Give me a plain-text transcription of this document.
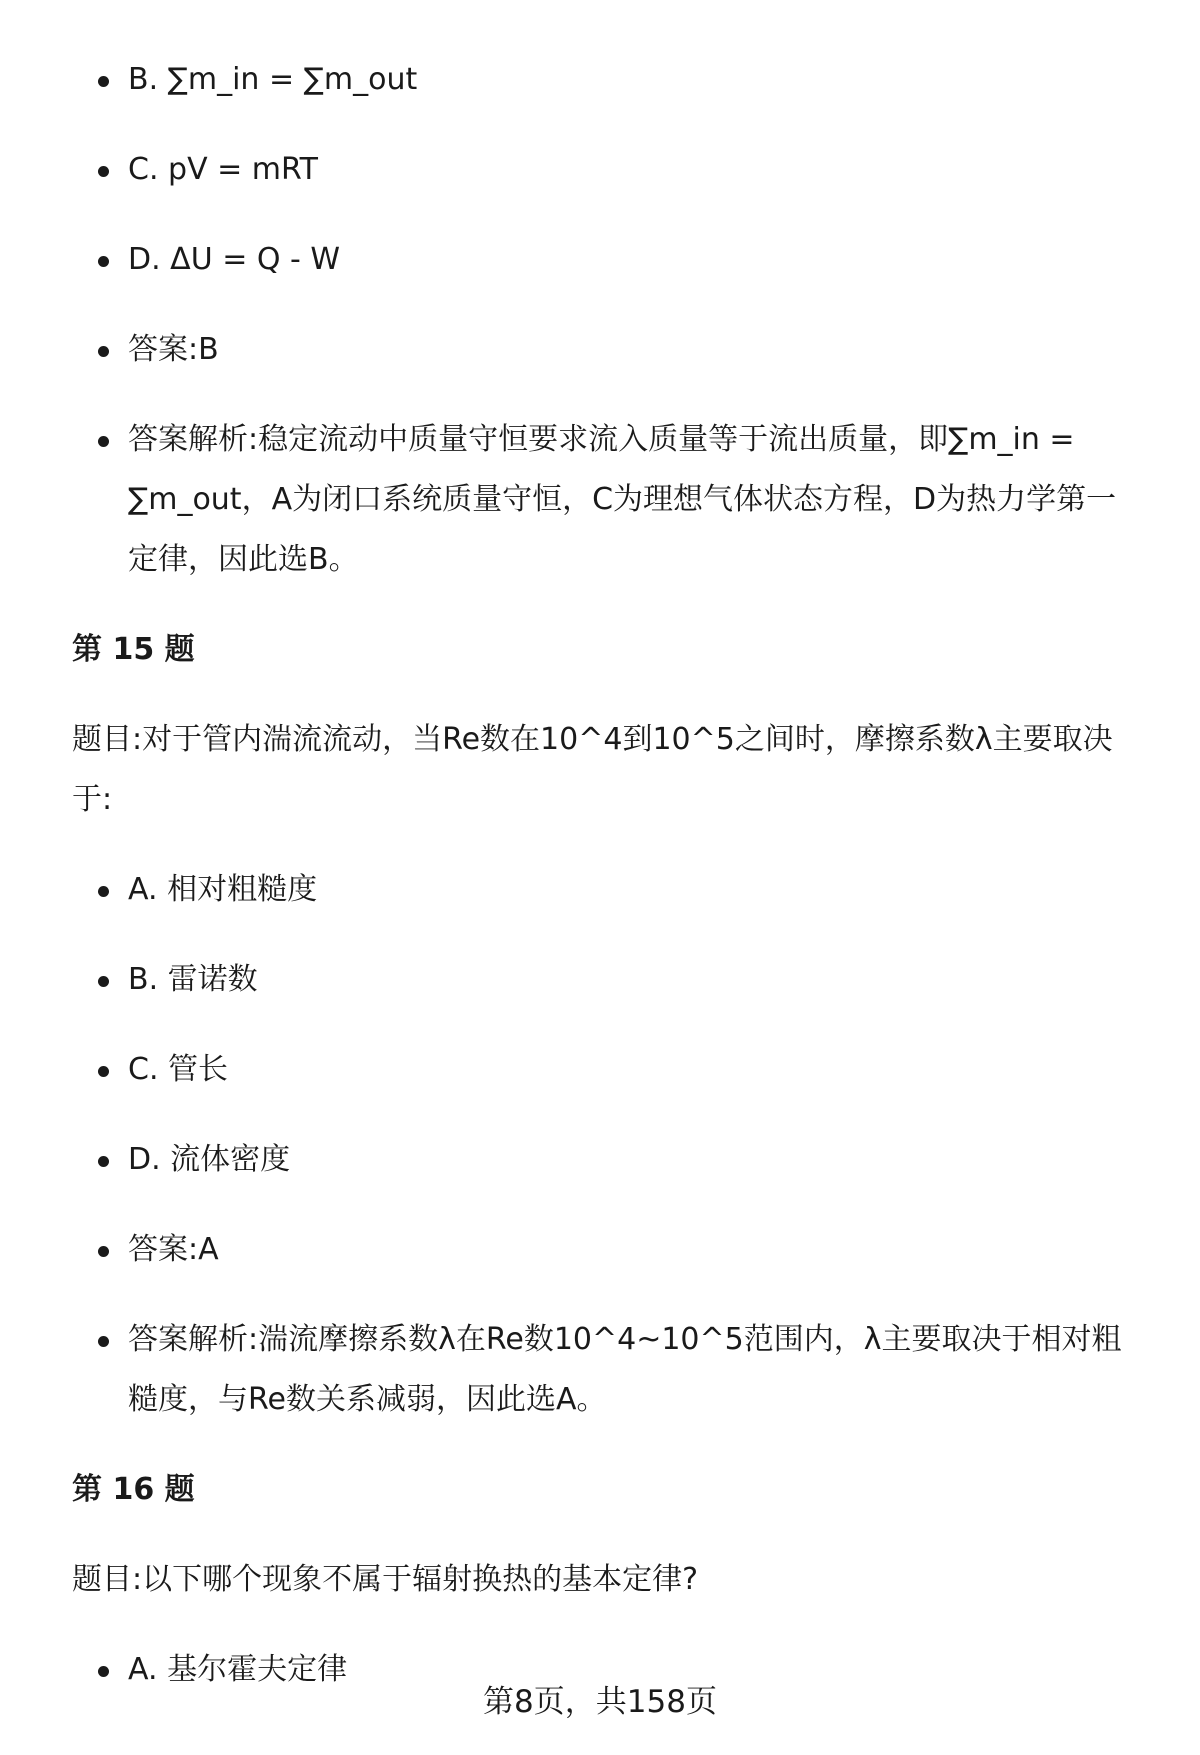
B. ∑m_in = ∑m_out
C. pV = mRT
D. ΔU = Q - W
答案:B
答案解析:稳定流动中质量守恒要求流入质量等于流出质量，即∑m_in = ∑m_out，A为闭口系统质量守恒，C为理想气体状态方程，D为热力学第一定律，因此选B。
第 15 题
题目:对于管内湍流流动，当Re数在10^4到10^5之间时，摩擦系数λ主要取决于:
A. 相对粗糙度
B. 雷诺数
C. 管长
D. 流体密度
答案:A
答案解析:湍流摩擦系数λ在Re数10^4~10^5范围内，λ主要取决于相对粗糙度，与Re数关系减弱，因此选A。
第 16 题
题目:以下哪个现象不属于辐射换热的基本定律?
A. 基尔霍夫定律
第8页，共158页
